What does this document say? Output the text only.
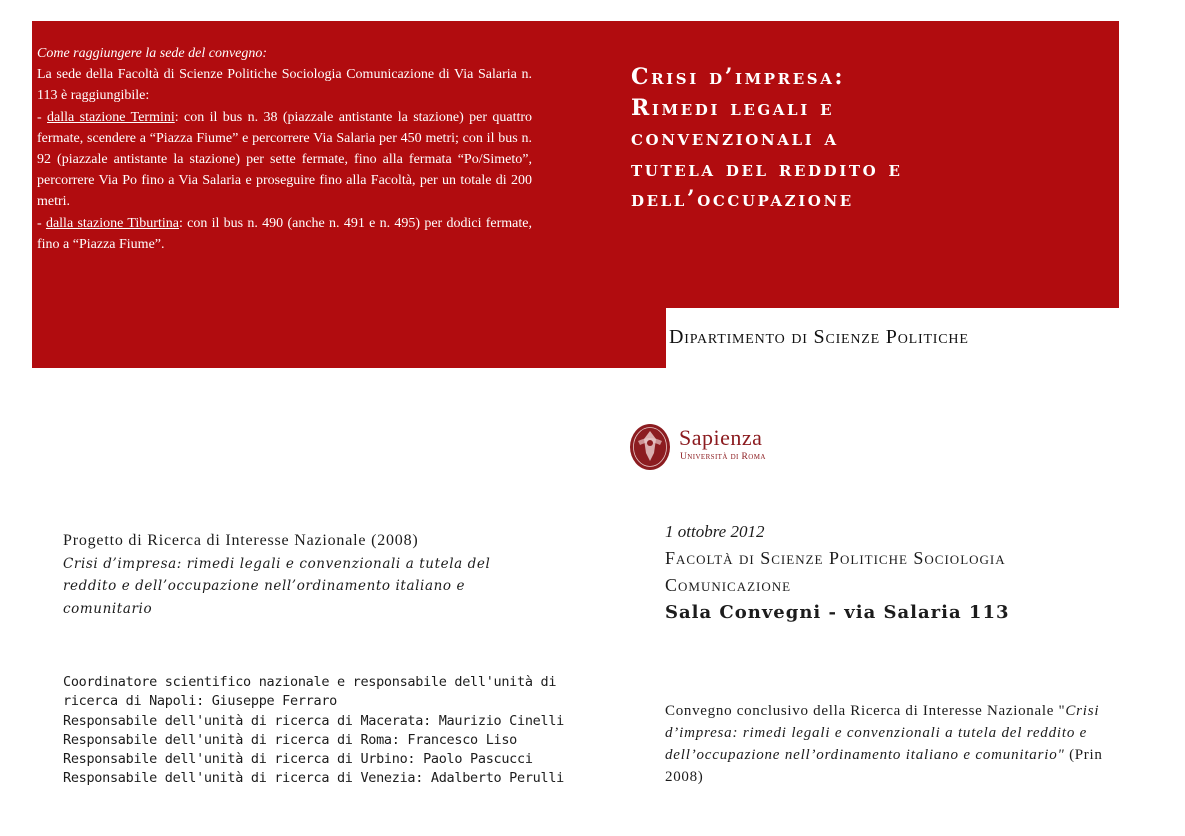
Come raggiungere la sede del convegno:

La sede della Facoltà di Scienze Politiche Sociologia Comunicazione di Via Salaria n. 113 è raggiungibile:

- dalla stazione Termini: con il bus n. 38 (piazzale antistante la stazione) per quattro fermate, scendere a “Piazza Fiume” e percorrere Via Salaria per 450 metri; con il bus n. 92 (piazzale antistante la stazione) per sette fermate, fino alla fermata “Po/Simeto”, percorrere Via Po fino a Via Salaria e proseguire fino alla Facoltà, per un totale di 200 metri.

- dalla stazione Tiburtina: con il bus n. 490 (anche n. 491 e n. 495) per dodici fermate, fino a “Piazza Fiume”.

Crisi d’impresa:
Rimedi legali e
convenzionali a
tutela del reddito e
dell’occupazione
Dipartimento di Scienze Politiche
Sapienza
Università di Roma
Progetto di Ricerca di Interesse Nazionale (2008)
Crisi d’impresa: rimedi legali e convenzionali a tutela del reddito e dell’occupazione nell’ordinamento italiano e comunitario
Coordinatore scientifico nazionale e responsabile dell'unità di
ricerca di Napoli: Giuseppe Ferraro
Responsabile dell'unità di ricerca di Macerata: Maurizio Cinelli
Responsabile dell'unità di ricerca di Roma: Francesco Liso
Responsabile dell'unità di ricerca di Urbino: Paolo Pascucci
Responsabile dell'unità di ricerca di Venezia: Adalberto Perulli
1 ottobre 2012
Facoltà di Scienze Politiche Sociologia Comunicazione
Sala Convegni - via Salaria 113
Convegno conclusivo della Ricerca di Interesse Nazionale "Crisi d’impresa: rimedi legali e convenzionali a tutela del reddito e dell’occupazione nell’ordinamento italiano e comunitario" (Prin 2008)
